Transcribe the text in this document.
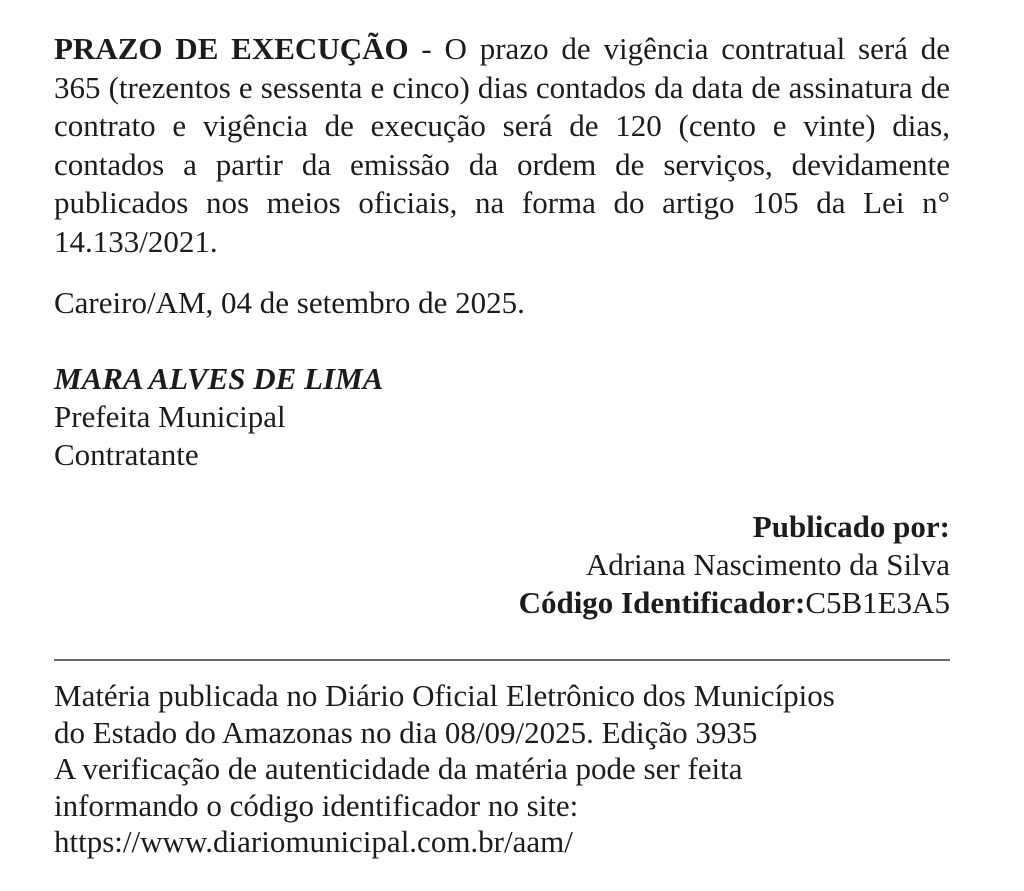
PRAZO DE EXECUÇÃO - O prazo de vigência contratual será de 365 (trezentos e sessenta e cinco) dias contados da data de assinatura de contrato e vigência de execução será de 120 (cento e vinte) dias, contados a partir da emissão da ordem de serviços, devidamente publicados nos meios oficiais, na forma do artigo 105 da Lei n° 14.133/2021.

Careiro/AM, 04 de setembro de 2025.

MARA ALVES DE LIMA
Prefeita Municipal
Contratante
Publicado por:
Adriana Nascimento da Silva
Código Identificador:C5B1E3A5
Matéria publicada no Diário Oficial Eletrônico dos Municípios
do Estado do Amazonas no dia 08/09/2025. Edição 3935
A verificação de autenticidade da matéria pode ser feita
informando o código identificador no site:
https://www.diariomunicipal.com.br/aam/
